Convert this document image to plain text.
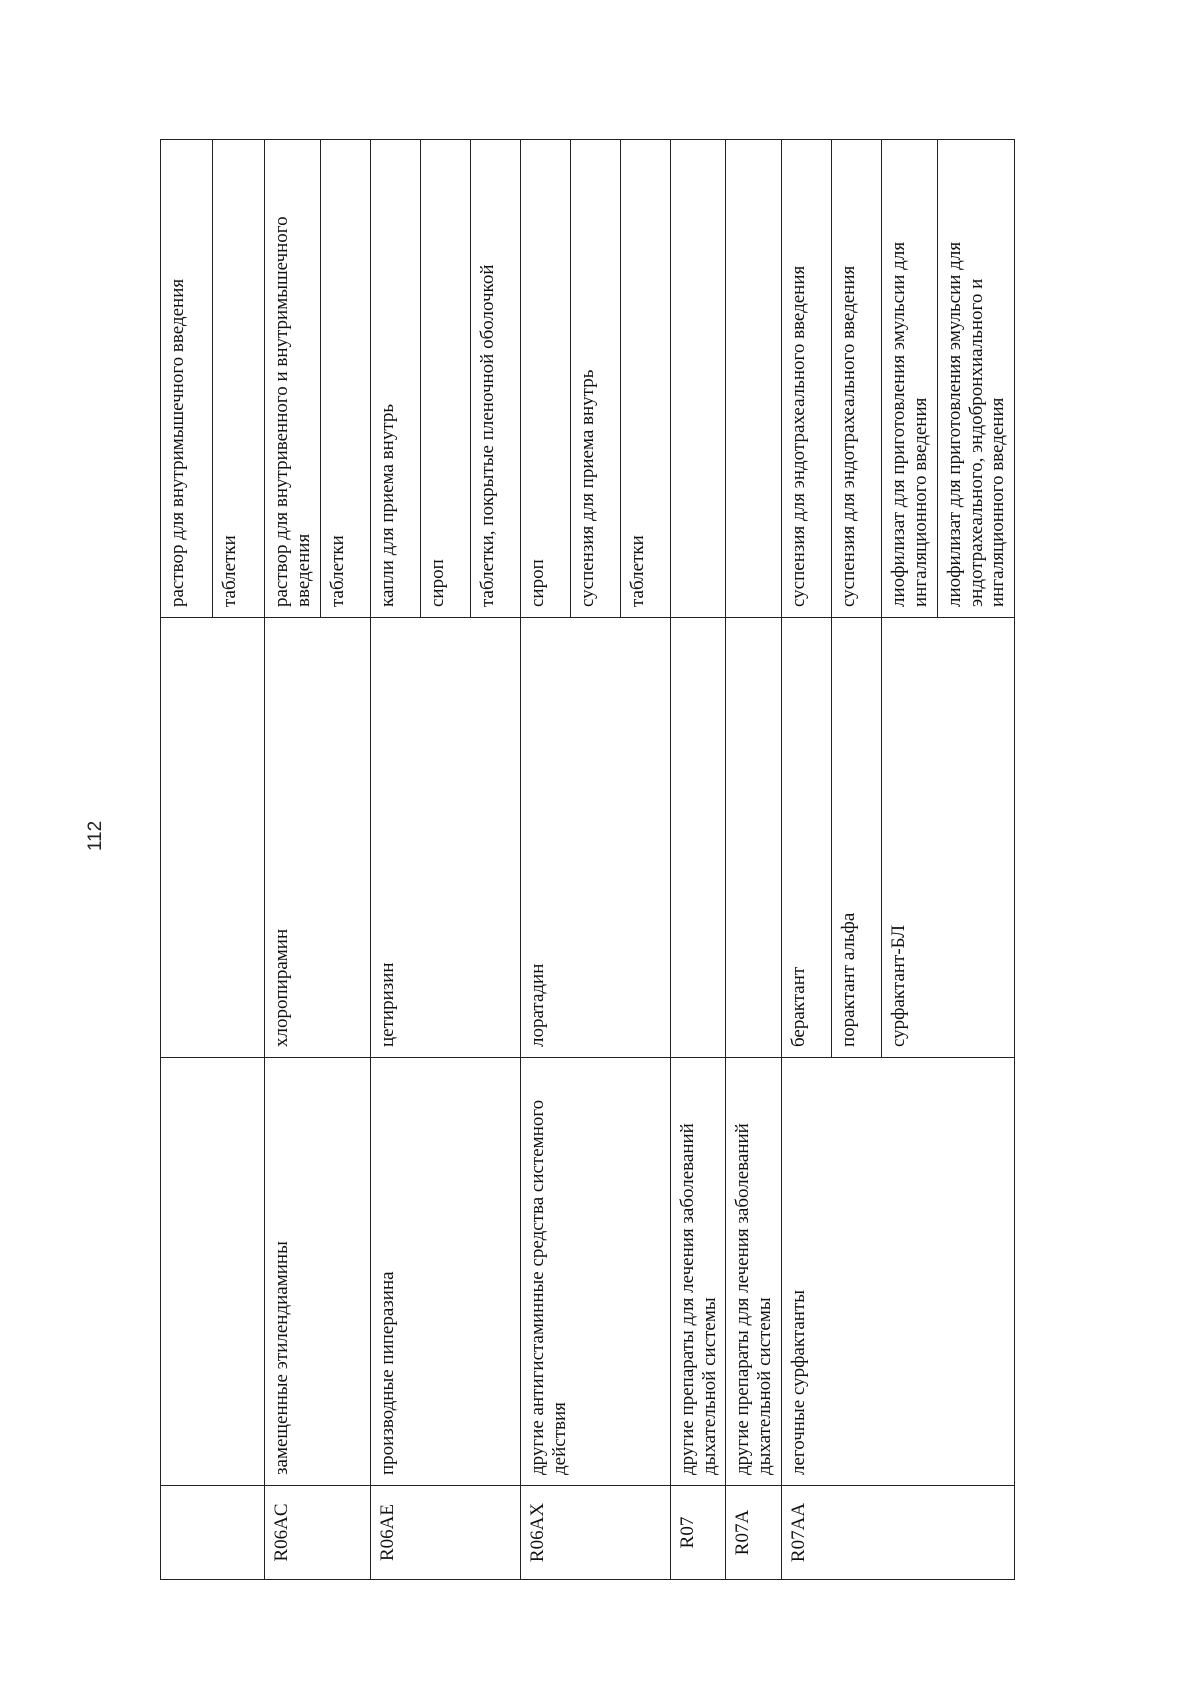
112
			раствор для внутримышечного введения
			таблетки
R06AC	замещенные этилендиамины	хлоропирамин	раствор для внутривенного и внутримышечного введения
			таблетки
R06AE	производные пиперазина	цетиризин	капли для приема внутрь
			сироп
			таблетки, покрытые пленочной оболочкой
R06AX	другие антигистаминные средства системного действия	лоратадин	сироп
			суспензия для приема внутрь
			таблетки
R07	другие препараты для лечения заболеваний дыхательной системы		
R07A	другие препараты для лечения заболеваний дыхательной системы		
R07AA	легочные сурфактанты	берактант	суспензия для эндотрахеального введения
		порактант альфа	суспензия для эндотрахеального введения
		сурфактант-БЛ	лиофилизат для приготовления эмульсии для ингаляционного введения
			лиофилизат для приготовления эмульсии для эндотрахеального, эндобронхиального и ингаляционного введения
